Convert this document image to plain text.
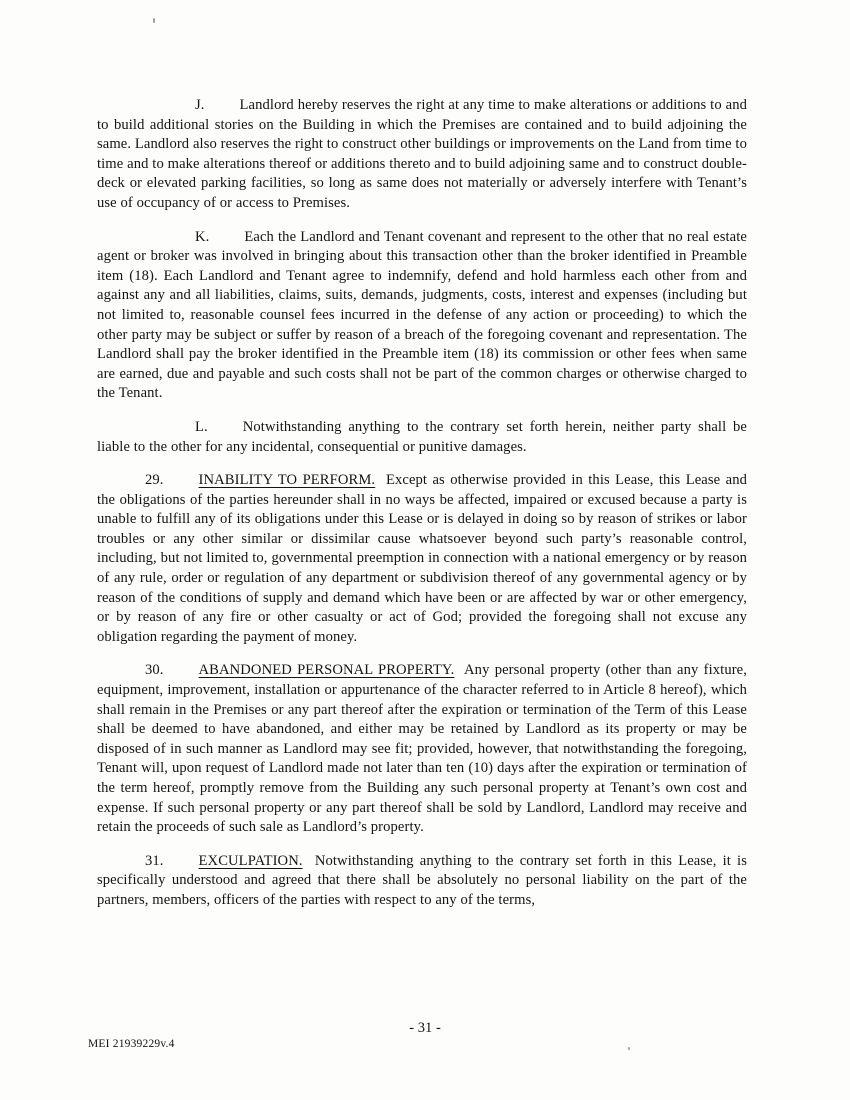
J. Landlord hereby reserves the right at any time to make alterations or additions to and to build additional stories on the Building in which the Premises are contained and to build adjoining the same. Landlord also reserves the right to construct other buildings or improvements on the Land from time to time and to make alterations thereof or additions thereto and to build adjoining same and to construct double-deck or elevated parking facilities, so long as same does not materially or adversely interfere with Tenant’s use of occupancy of or access to Premises.

K. Each the Landlord and Tenant covenant and represent to the other that no real estate agent or broker was involved in bringing about this transaction other than the broker identified in Preamble item (18). Each Landlord and Tenant agree to indemnify, defend and hold harmless each other from and against any and all liabilities, claims, suits, demands, judgments, costs, interest and expenses (including but not limited to, reasonable counsel fees incurred in the defense of any action or proceeding) to which the other party may be subject or suffer by reason of a breach of the foregoing covenant and representation. The Landlord shall pay the broker identified in the Preamble item (18) its commission or other fees when same are earned, due and payable and such costs shall not be part of the common charges or otherwise charged to the Tenant.

L. Notwithstanding anything to the contrary set forth herein, neither party shall be liable to the other for any incidental, consequential or punitive damages.

29. INABILITY TO PERFORM. Except as otherwise provided in this Lease, this Lease and the obligations of the parties hereunder shall in no ways be affected, impaired or excused because a party is unable to fulfill any of its obligations under this Lease or is delayed in doing so by reason of strikes or labor troubles or any other similar or dissimilar cause whatsoever beyond such party’s reasonable control, including, but not limited to, governmental preemption in connection with a national emergency or by reason of any rule, order or regulation of any department or subdivision thereof of any governmental agency or by reason of the conditions of supply and demand which have been or are affected by war or other emergency, or by reason of any fire or other casualty or act of God; provided the foregoing shall not excuse any obligation regarding the payment of money.

30. ABANDONED PERSONAL PROPERTY. Any personal property (other than any fixture, equipment, improvement, installation or appurtenance of the character referred to in Article 8 hereof), which shall remain in the Premises or any part thereof after the expiration or termination of the Term of this Lease shall be deemed to have abandoned, and either may be retained by Landlord as its property or may be disposed of in such manner as Landlord may see fit; provided, however, that notwithstanding the foregoing, Tenant will, upon request of Landlord made not later than ten (10) days after the expiration or termination of the term hereof, promptly remove from the Building any such personal property at Tenant’s own cost and expense. If such personal property or any part thereof shall be sold by Landlord, Landlord may receive and retain the proceeds of such sale as Landlord’s property.

31. EXCULPATION. Notwithstanding anything to the contrary set forth in this Lease, it is specifically understood and agreed that there shall be absolutely no personal liability on the part of the partners, members, officers of the parties with respect to any of the terms,

- 31 -
MEI 21939229v.4
